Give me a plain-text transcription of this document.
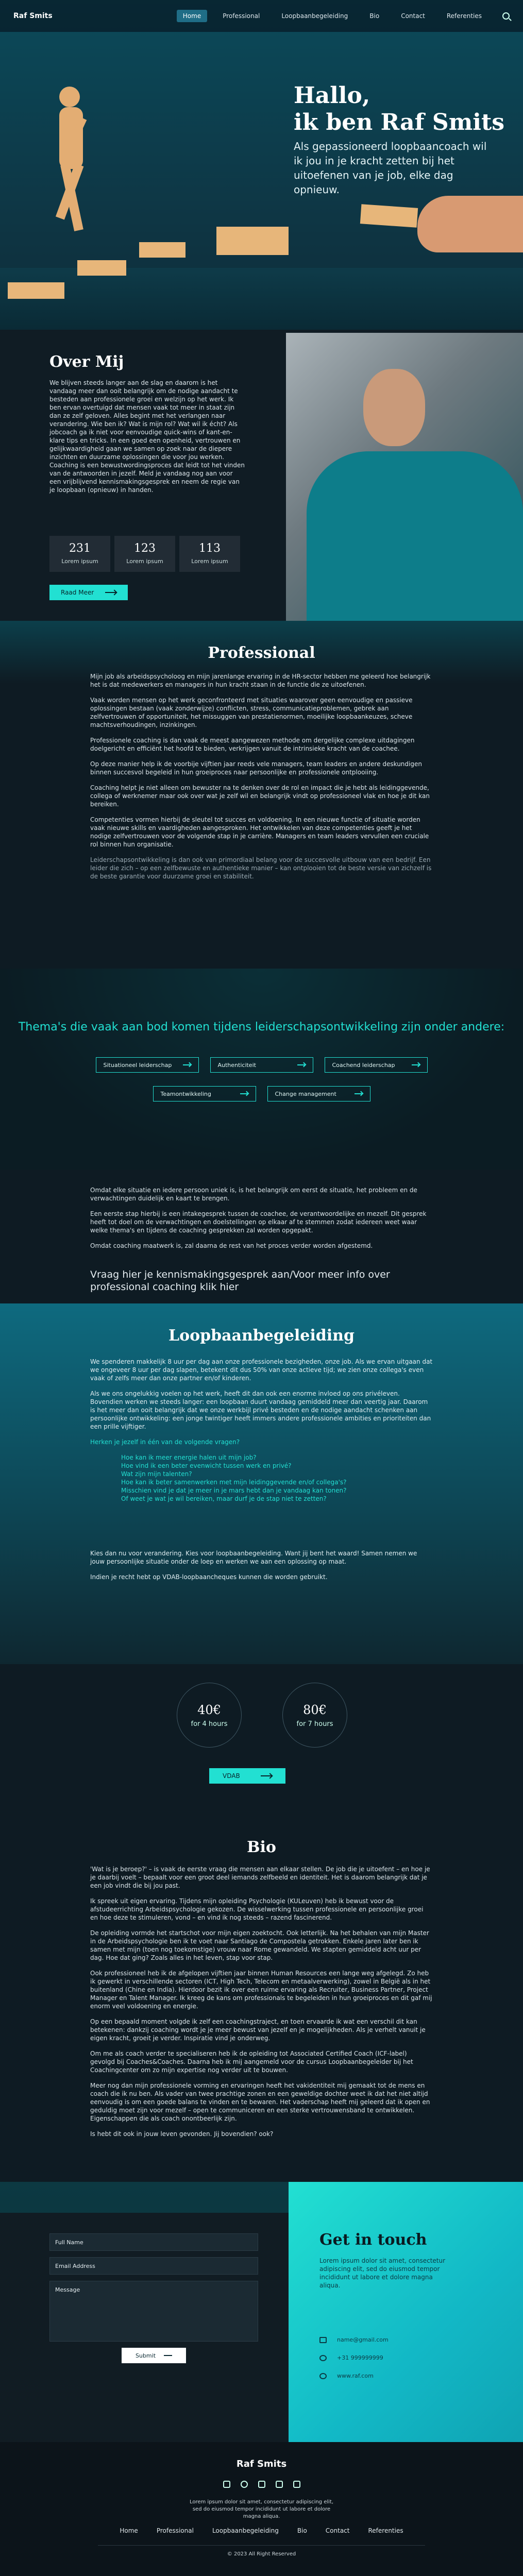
Hallo,
ik ben Raf Smits

Als gepassioneerd loopbaancoach wil ik jou in je kracht zetten bij het uitoefenen van je job, elke dag opnieuw.

Raf Smits	Home	Professional	Loopbaanbegeleiding	Bio	Contact	Referenties
Over Mij

We blijven steeds langer aan de slag en daarom is het vandaag meer dan ooit belangrijk om de nodige aandacht te besteden aan professionele groei en welzijn op het werk. Ik ben ervan overtuigd dat mensen vaak tot meer in staat zijn dan ze zelf geloven. Alles begint met het verlangen naar verandering. Wie ben ik? Wat is mijn rol? Wat wil ik écht? Als jobcoach ga ik niet voor eenvoudige quick-wins of kant-en-klare tips en tricks. In een goed een openheid, vertrouwen en gelijkwaardigheid gaan we samen op zoek naar de diepere inzichten en duurzame oplossingen die voor jou werken. Coaching is een bewustwordingsproces dat leidt tot het vinden van de antwoorden in jezelf. Meld je vandaag nog aan voor een vrijblijvend kennismakingsgesprek en neem de regie van je loopbaan (opnieuw) in handen.

231
Lorem ipsum
123
Lorem ipsum
113
Lorem ipsum
Raad Meer
Professional

Mijn job als arbeidspsycholoog en mijn jarenlange ervaring in de HR-sector hebben me geleerd hoe belangrijk het is dat medewerkers en managers in hun kracht staan in de functie die ze uitoefenen.

Vaak worden mensen op het werk geconfronteerd met situaties waarover geen eenvoudige en passieve oplossingen bestaan (vaak zonderwijze) conflicten, stress, communicatieproblemen, gebrek aan zelfvertrouwen of opportuniteit, het missuggen van prestatienormen, moeilijke loopbaankeuzes, scheve machtsverhoudingen, inzinkingen.

Professionele coaching is dan vaak de meest aangewezen methode om dergelijke complexe uitdagingen doelgericht en efficiënt het hoofd te bieden, verkrijgen vanuit de intrinsieke kracht van de coachee.

Op deze manier help ik de voorbije vijftien jaar reeds vele managers, team leaders en andere deskundigen binnen succesvol begeleid in hun groeiproces naar persoonlijke en professionele ontplooiing.

Coaching helpt je niet alleen om bewuster na te denken over de rol en impact die je hebt als leidinggevende, collega of werknemer maar ook over wat je zelf wil en belangrijk vindt op professioneel vlak en hoe je dit kan bereiken.

Competenties vormen hierbij de sleutel tot succes en voldoening. In een nieuwe functie of situatie worden vaak nieuwe skills en vaardigheden aangesproken. Het ontwikkelen van deze competenties geeft je het nodige zelfvertrouwen voor de volgende stap in je carrière. Managers en team leaders vervullen een cruciale rol binnen hun organisatie.

Leiderschapsontwikkeling is dan ook van primordiaal belang voor de succesvolle uitbouw van een bedrijf. Een leider die zich – op een zelfbewuste en authentieke manier – kan ontplooien tot de beste versie van zichzelf is de beste garantie voor duurzame groei en stabiliteit.

Thema's die vaak aan bod komen tijdens leiderschapsontwikkeling zijn onder andere:
Situationeel leiderschap	Authenticiteit	Coachend leiderschap
Teamontwikkeling	Change management

Omdat elke situatie en iedere persoon uniek is, is het belangrijk om eerst de situatie, het probleem en de verwachtingen duidelijk en kaart te brengen.

Een eerste stap hierbij is een intakegesprek tussen de coachee, de verantwoordelijke en mezelf. Dit gesprek heeft tot doel om de verwachtingen en doelstellingen op elkaar af te stemmen zodat iedereen weet waar welke thema's en tijdens de coaching gesprekken zal worden opgepakt.

Omdat coaching maatwerk is, zal daarna de rest van het proces verder worden afgestemd.

Vraag hier je kennismakingsgesprek aan/Voor meer info over professional coaching klik hier

Loopbaanbegeleiding

We spenderen makkelijk 8 uur per dag aan onze professionele bezigheden, onze job. Als we ervan uitgaan dat we ongeveer 8 uur per dag slapen, betekent dit dus 50% van onze actieve tijd; we zien onze collega's even vaak of zelfs meer dan onze partner en/of kinderen.

Als we ons ongelukkig voelen op het werk, heeft dit dan ook een enorme invloed op ons privéleven. Bovendien werken we steeds langer: een loopbaan duurt vandaag gemiddeld meer dan veertig jaar. Daarom is het meer dan ooit belangrijk dat we onze werkbijl privé besteden en de nodige aandacht schenken aan persoonlijke ontwikkeling: een jonge twintiger heeft immers andere professionele ambities en prioriteiten dan een prille vijftiger.

Herken je jezelf in één van de volgende vragen?

Hoe kan ik meer energie halen uit mijn job?
Hoe vind ik een beter evenwicht tussen werk en privé?
Wat zijn mijn talenten?
Hoe kan ik beter samenwerken met mijn leidinggevende en/of collega's?
Misschien vind je dat je meer in je mars hebt dan je vandaag kan tonen?
Of weet je wat je wil bereiken, maar durf je de stap niet te zetten?

Kies dan nu voor verandering. Kies voor loopbaanbegeleiding. Want jij bent het waard! Samen nemen we jouw persoonlijke situatie onder de loep en werken we aan een oplossing op maat.

Indien je recht hebt op VDAB-loopbaancheques kunnen die worden gebruikt.

40€
for 4 hours
80€
for 7 hours
VDAB
Bio

'Wat is je beroep?' – is vaak de eerste vraag die mensen aan elkaar stellen. De job die je uitoefent – en hoe je je daarbij voelt – bepaalt voor een groot deel iemands zelfbeeld en identiteit. Het is daarom belangrijk dat je een job vindt die bij jou past.

Ik spreek uit eigen ervaring. Tijdens mijn opleiding Psychologie (KULeuven) heb ik bewust voor de afstudeerrichting Arbeidspsychologie gekozen. De wisselwerking tussen professionele en persoonlijke groei en hoe deze te stimuleren, vond – en vind ik nog steeds – razend fascinerend.

De opleiding vormde het startschot voor mijn eigen zoektocht. Ook letterlijk. Na het behalen van mijn Master in de Arbeidspsychologie ben ik te voet naar Santiago de Compostela getrokken. Enkele jaren later ben ik samen met mijn (toen nog toekomstige) vrouw naar Rome gewandeld. We stapten gemiddeld acht uur per dag. Hoe dat ging? Zoals alles in het leven, stap voor stap.

Ook professioneel heb ik de afgelopen vijftien jaar binnen Human Resources een lange weg afgelegd. Zo heb ik gewerkt in verschillende sectoren (ICT, High Tech, Telecom en metaalverwerking), zowel in België als in het buitenland (Chine en India). Hierdoor bezit ik over een ruime ervaring als Recruiter, Business Partner, Project Manager en Talent Manager. Ik kreeg de kans om professionals te begeleiden in hun groeiproces en dit gaf mij enorm veel voldoening en energie.

Op een bepaald moment volgde ik zelf een coachingstraject, en toen ervaarde ik wat een verschil dit kan betekenen: dankzij coaching wordt je je meer bewust van jezelf en je mogelijkheden. Als je verhelt vanuit je eigen kracht, groeit je verder. Inspiratie vind je onderweg.

Om me als coach verder te specialiseren heb ik de opleiding tot Associated Certified Coach (ICF-label) gevolgd bij Coaches&Coaches. Daarna heb ik mij aangemeld voor de cursus Loopbaanbegeleider bij het Coachingcenter om zo mijn expertise nog verder uit te bouwen.

Meer nog dan mijn professionele vorming en ervaringen heeft het vakidentiteit mij gemaakt tot de mens en coach die ik nu ben. Als vader van twee prachtige zonen en een geweldige dochter weet ik dat het niet altijd eenvoudig is om een goede balans te vinden en te bewaren. Het vaderschap heeft mij geleerd dat ik open en geduldig moet zijn voor mezelf – open te communiceren en een sterke vertrouwensband te ontwikkelen. Eigenschappen die als coach onontbeerlijk zijn.

Is hebt dit ook in jouw leven gevonden. Jij bovendien? ook?

Full Name
Email Address
Message
Submit
Get in touch

Lorem ipsum dolor sit amet, consectetur adipiscing elit, sed do eiusmod tempor incididunt ut labore et dolore magna aliqua.

name@gmail.com
+31 999999999
www.raf.com
Raf Smits

Lorem ipsum dolor sit amet, consectetur adipiscing elit, sed do eiusmod tempor incididunt ut labore et dolore magna aliqua.

Home	Professional	Loopbaanbegeleiding	Bio	Contact	Referenties
© 2023 All Right Reserved
